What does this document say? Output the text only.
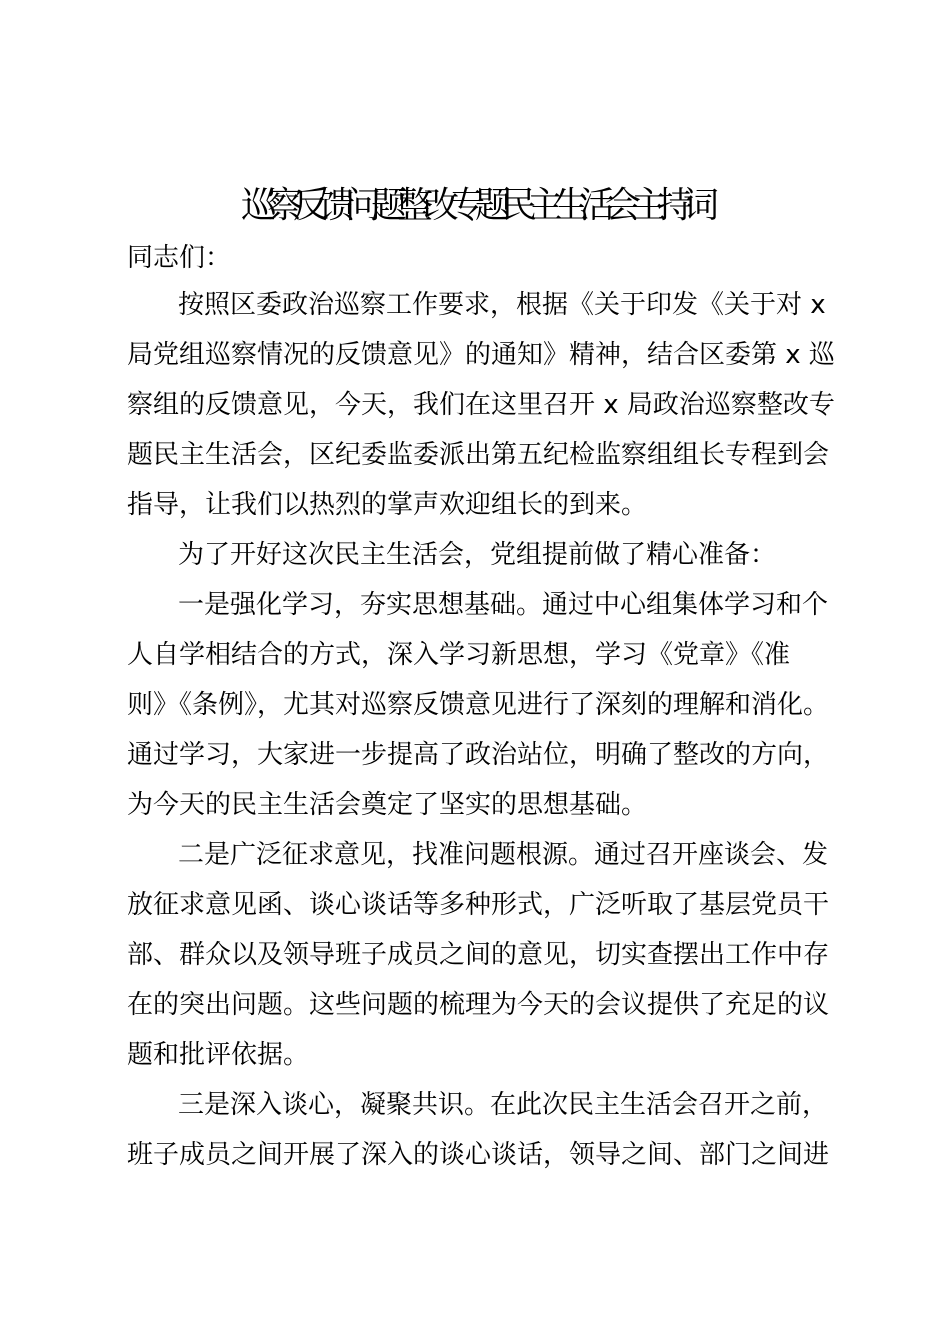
巡察反馈问题整改专题民主生活会主持词

同志们：

按照区委政治巡察工作要求，根据《关于印发《关于对 x

局党组巡察情况的反馈意见》的通知》精神，结合区委第 x 巡

察组的反馈意见，今天，我们在这里召开 x 局政治巡察整改专

题民主生活会，区纪委监委派出第五纪检监察组组长专程到会

指导，让我们以热烈的掌声欢迎组长的到来。

为了开好这次民主生活会，党组提前做了精心准备：

一是强化学习，夯实思想基础。通过中心组集体学习和个

人自学相结合的方式，深入学习新思想，学习《党章》《准

则》《条例》，尤其对巡察反馈意见进行了深刻的理解和消化。

通过学习，大家进一步提高了政治站位，明确了整改的方向，

为今天的民主生活会奠定了坚实的思想基础。

二是广泛征求意见，找准问题根源。通过召开座谈会、发

放征求意见函、谈心谈话等多种形式，广泛听取了基层党员干

部、群众以及领导班子成员之间的意见，切实查摆出工作中存

在的突出问题。这些问题的梳理为今天的会议提供了充足的议

题和批评依据。

三是深入谈心，凝聚共识。在此次民主生活会召开之前，

班子成员之间开展了深入的谈心谈话，领导之间、部门之间进
